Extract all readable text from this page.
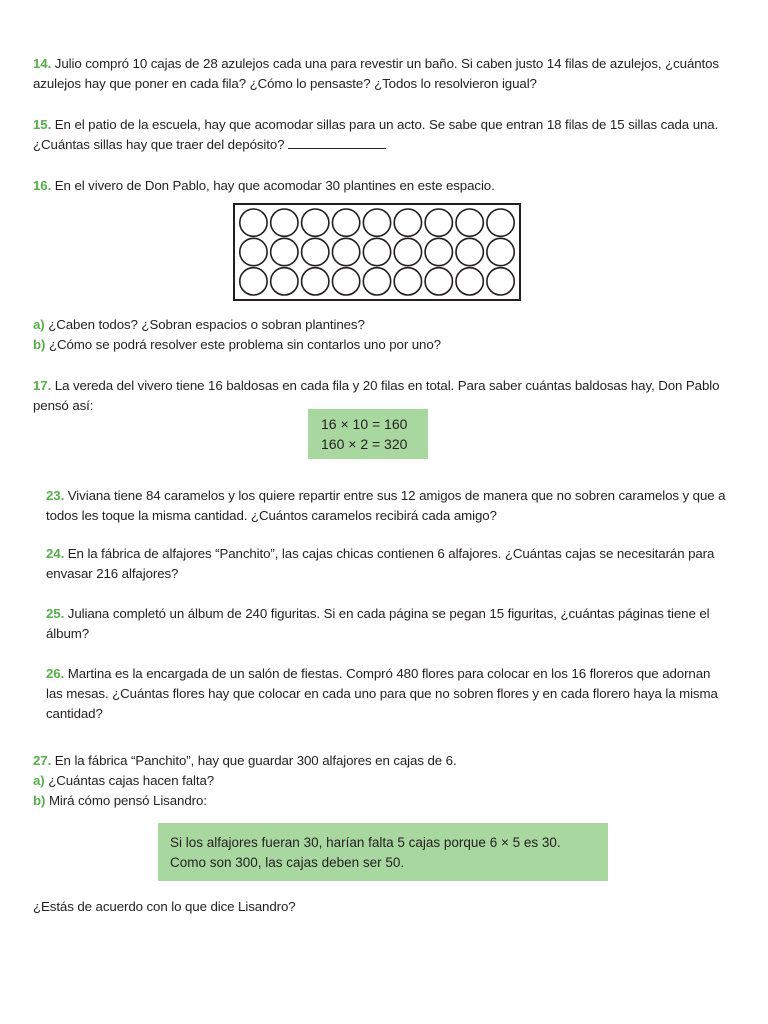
14. Julio compró 10 cajas de 28 azulejos cada una para revestir un baño. Si caben justo 14 filas de azulejos, ¿cuántos azulejos hay que poner en cada fila? ¿Cómo lo pensaste? ¿Todos lo resolvieron igual?

15. En el patio de la escuela, hay que acomodar sillas para un acto. Se sabe que entran 18 filas de 15 sillas cada una. ¿Cuántas sillas hay que traer del depósito?

16. En el vivero de Don Pablo, hay que acomodar 30 plantines en este espacio.

a) ¿Caben todos? ¿Sobran espacios o sobran plantines?

b) ¿Cómo se podrá resolver este problema sin contarlos uno por uno?

17. La vereda del vivero tiene 16 baldosas en cada fila y 20 filas en total. Para saber cuántas baldosas hay, Don Pablo pensó así:

16 × 10 = 160
160 × 2 = 320

23. Viviana tiene 84 caramelos y los quiere repartir entre sus 12 amigos de manera que no sobren caramelos y que a todos les toque la misma cantidad. ¿Cuántos caramelos recibirá cada amigo?

24. En la fábrica de alfajores “Panchito”, las cajas chicas contienen 6 alfajores. ¿Cuántas cajas se necesitarán para envasar 216 alfajores?

25. Juliana completó un álbum de 240 figuritas. Si en cada página se pegan 15 figuritas, ¿cuántas páginas tiene el álbum?

26. Martina es la encargada de un salón de fiestas. Compró 480 flores para colocar en los 16 floreros que adornan las mesas. ¿Cuántas flores hay que colocar en cada uno para que no sobren flores y en cada florero haya la misma cantidad?

27. En la fábrica “Panchito”, hay que guardar 300 alfajores en cajas de 6.

a) ¿Cuántas cajas hacen falta?

b) Mirá cómo pensó Lisandro:

Si los alfajores fueran 30, harían falta 5 cajas porque 6 × 5 es 30. Como son 300, las cajas deben ser 50.

¿Estás de acuerdo con lo que dice Lisandro?
